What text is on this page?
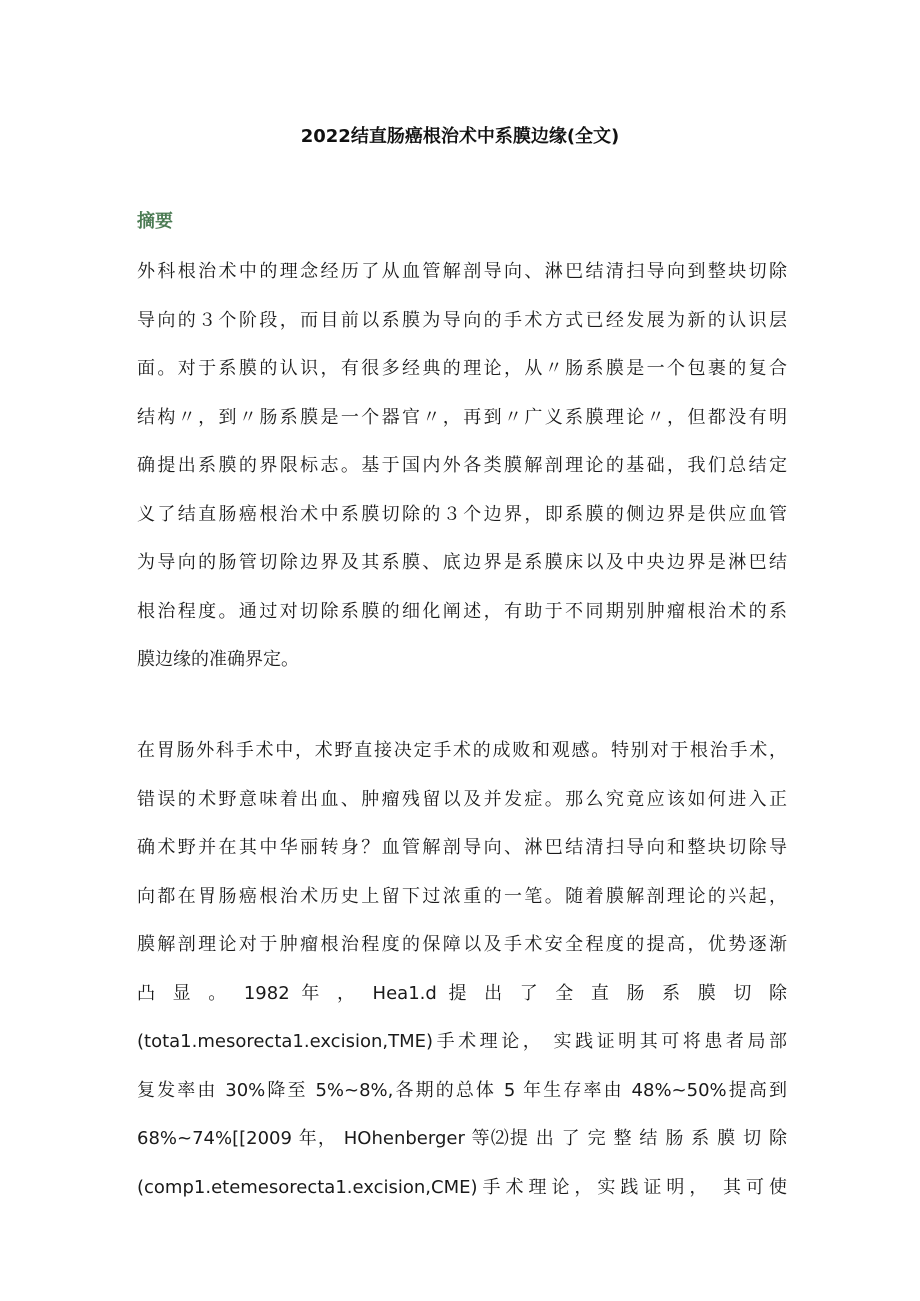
2022结直肠癌根治术中系膜边缘(全文)
摘要

外科根治术中的理念经历了从血管解剖导向、淋巴结清扫导向到整块切除
导向的３个阶段，而目前以系膜为导向的手术方式已经发展为新的认识层
面。对于系膜的认识，有很多经典的理论，从〃肠系膜是一个包裹的复合
结构〃，到〃肠系膜是一个器官〃，再到〃广义系膜理论〃，但都没有明
确提出系膜的界限标志。基于国内外各类膜解剖理论的基础，我们总结定
义了结直肠癌根治术中系膜切除的３个边界，即系膜的侧边界是供应血管
为导向的肠管切除边界及其系膜、底边界是系膜床以及中央边界是淋巴结
根治程度。通过对切除系膜的细化阐述，有助于不同期别肿瘤根治术的系
膜边缘的准确界定。

在胃肠外科手术中，术野直接决定手术的成败和观感。特别对于根治手术，
错误的术野意味着出血、肿瘤残留以及并发症。那么究竟应该如何进入正
确术野并在其中华丽转身？血管解剖导向、淋巴结清扫导向和整块切除导
向都在胃肠癌根治术历史上留下过浓重的一笔。随着膜解剖理论的兴起，
膜解剖理论对于肿瘤根治程度的保障以及手术安全程度的提高，优势逐渐
凸 显 。 1982 年 ， Hea1.d 提 出 了 全 直 肠 系 膜 切 除
(tota1.mesorecta1.excision,TME)手术理论， 实践证明其可将患者局部
复发率由 30%降至 5%~8%,各期的总体 5 年生存率由 48%~50%提高到
68%~74%[[2009 年， HOhenberger 等⑵提 出 了 完 整 结 肠 系 膜 切 除
(comp1.etemesorecta1.excision,CME)手术理论，实践证明， 其可使
